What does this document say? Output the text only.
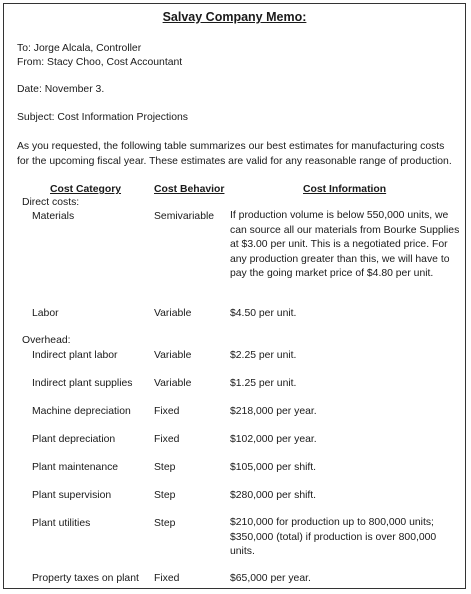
Salvay Company Memo:
To: Jorge Alcala, Controller
From: Stacy Choo, Cost Accountant
Date: November 3.
Subject: Cost Information Projections
As you requested, the following table summarizes our best estimates for manufacturing costs for the upcoming fiscal year. These estimates are valid for any reasonable range of production.
Cost Category	Cost Behavior	Cost Information
Direct costs:
Materials	Semivariable If production volume is below 550,000 units, we can source all our materials from Bourke Supplies at $3.00 per unit. This is a negotiated price. For any production greater than this, we will have to pay the going market price of $4.80 per unit.
Labor	Variable	$4.50 per unit.
Overhead:
Indirect plant labor	Variable	$2.25 per unit.
Indirect plant supplies Variable	$1.25 per unit.
Machine depreciation Fixed	$218,000 per year.
Plant depreciation	Fixed	$102,000 per year.
Plant maintenance	Step	$105,000 per shift.
Plant supervision	Step	$280,000 per shift.
Plant utilities	Step	$210,000 for production up to 800,000 units; $350,000 (total) if production is over 800,000 units.
Property taxes on plant Fixed	$65,000 per year.
